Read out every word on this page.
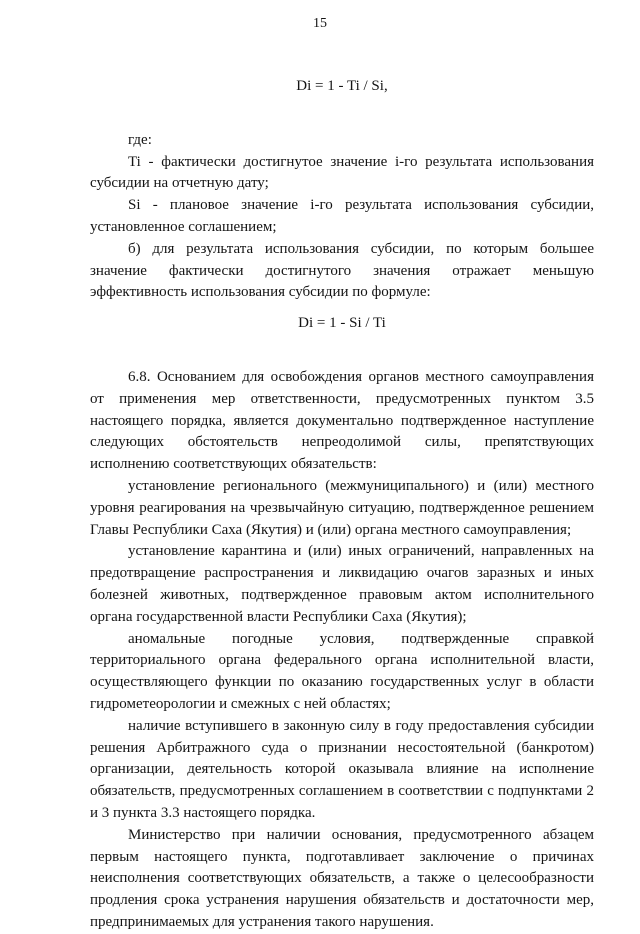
15

Di = 1 - Ti / Si,

где:

Ti - фактически достигнутое значение i-го результата использования субсидии на отчетную дату;

Si - плановое значение i-го результата использования субсидии, установленное соглашением;

б) для результата использования субсидии, по которым большее значение фактически достигнутого значения отражает меньшую эффективность использования субсидии по формуле:

Di = 1 - Si / Ti

6.8. Основанием для освобождения органов местного самоуправления от применения мер ответственности, предусмотренных пунктом 3.5 настоящего порядка, является документально подтвержденное наступление следующих обстоятельств непреодолимой силы, препятствующих исполнению соответствующих обязательств:

установление регионального (межмуниципального) и (или) местного уровня реагирования на чрезвычайную ситуацию, подтвержденное решением Главы Республики Саха (Якутия) и (или) органа местного самоуправления;

установление карантина и (или) иных ограничений, направленных на предотвращение распространения и ликвидацию очагов заразных и иных болезней животных, подтвержденное правовым актом исполнительного органа государственной власти Республики Саха (Якутия);

аномальные погодные условия, подтвержденные справкой территориального органа федерального органа исполнительной власти, осуществляющего функции по оказанию государственных услуг в области гидрометеорологии и смежных с ней областях;

наличие вступившего в законную силу в году предоставления субсидии решения Арбитражного суда о признании несостоятельной (банкротом) организации, деятельность которой оказывала влияние на исполнение обязательств, предусмотренных соглашением в соответствии с подпунктами 2 и 3 пункта 3.3 настоящего порядка.

Министерство при наличии основания, предусмотренного абзацем первым настоящего пункта, подготавливает заключение о причинах неисполнения соответствующих обязательств, а также о целесообразности продления срока устранения нарушения обязательств и достаточности мер, предпринимаемых для устранения такого нарушения.
